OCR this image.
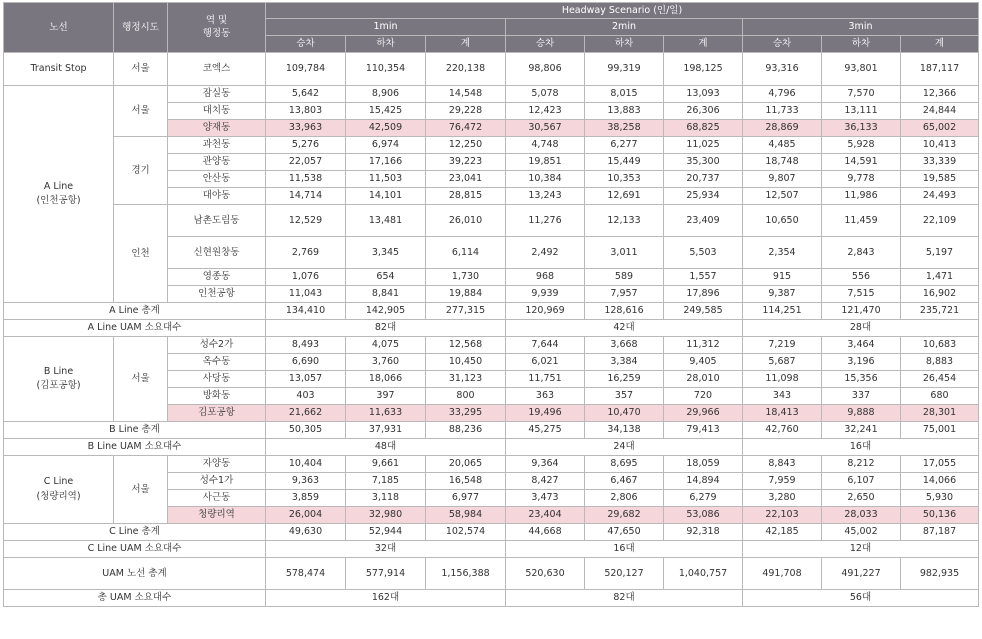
노선	행정시도	역 및
행정동	Headway Scenario (인/일)								
			1min			2min			3min		
			승차	하차	계	승차	하차	계	승차	하차	계
Transit Stop	서울	코엑스	109,784	110,354	220,138	98,806	99,319	198,125	93,316	93,801	187,117
A Line
(인천공항)	서울	잠실동	5,642	8,906	14,548	5,078	8,015	13,093	4,796	7,570	12,366
		대치동	13,803	15,425	29,228	12,423	13,883	26,306	11,733	13,111	24,844
		양재동	33,963	42,509	76,472	30,567	38,258	68,825	28,869	36,133	65,002
	경기	과천동	5,276	6,974	12,250	4,748	6,277	11,025	4,485	5,928	10,413
		관양동	22,057	17,166	39,223	19,851	15,449	35,300	18,748	14,591	33,339
		안산동	11,538	11,503	23,041	10,384	10,353	20,737	9,807	9,778	19,585
		대야동	14,714	14,101	28,815	13,243	12,691	25,934	12,507	11,986	24,493
	인천	남촌도림동	12,529	13,481	26,010	11,276	12,133	23,409	10,650	11,459	22,109
		신현원창동	2,769	3,345	6,114	2,492	3,011	5,503	2,354	2,843	5,197
		영종동	1,076	654	1,730	968	589	1,557	915	556	1,471
		인천공항	11,043	8,841	19,884	9,939	7,957	17,896	9,387	7,515	16,902
A Line 총계			134,410	142,905	277,315	120,969	128,616	249,585	114,251	121,470	235,721
A Line UAM 소요대수			82대			42대			28대		
B Line
(김포공항)	서울	성수2가	8,493	4,075	12,568	7,644	3,668	11,312	7,219	3,464	10,683
		옥수동	6,690	3,760	10,450	6,021	3,384	9,405	5,687	3,196	8,883
		사당동	13,057	18,066	31,123	11,751	16,259	28,010	11,098	15,356	26,454
		방화동	403	397	800	363	357	720	343	337	680
		김포공항	21,662	11,633	33,295	19,496	10,470	29,966	18,413	9,888	28,301
B Line 총계			50,305	37,931	88,236	45,275	34,138	79,413	42,760	32,241	75,001
B Line UAM 소요대수			48대			24대			16대		
C Line
(청량리역)	서울	자양동	10,404	9,661	20,065	9,364	8,695	18,059	8,843	8,212	17,055
		성수1가	9,363	7,185	16,548	8,427	6,467	14,894	7,959	6,107	14,066
		사근동	3,859	3,118	6,977	3,473	2,806	6,279	3,280	2,650	5,930
		청량리역	26,004	32,980	58,984	23,404	29,682	53,086	22,103	28,033	50,136
C Line 총계			49,630	52,944	102,574	44,668	47,650	92,318	42,185	45,002	87,187
C Line UAM 소요대수			32대			16대			12대		
UAM 노선 총계			578,474	577,914	1,156,388	520,630	520,127	1,040,757	491,708	491,227	982,935
총 UAM 소요대수			162대			82대			56대		
